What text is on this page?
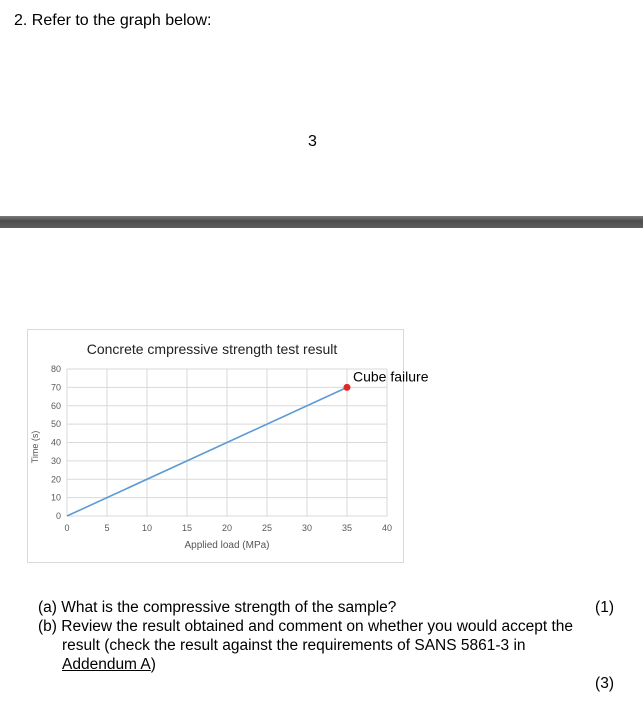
2. Refer to the graph below:
3
Concrete cmpressive strength test result
Applied load (MPa)
Time (s)
0	5	10	15	20	25	30	35	40
0
10
20
30
40
50
60
70
80	Cube failure
(a) What is the compressive strength of the sample?	(1)
(b) Review the result obtained and comment on whether you would accept the
result (check the result against the requirements of SANS 5861-3 in
Addendum A)
(3)
